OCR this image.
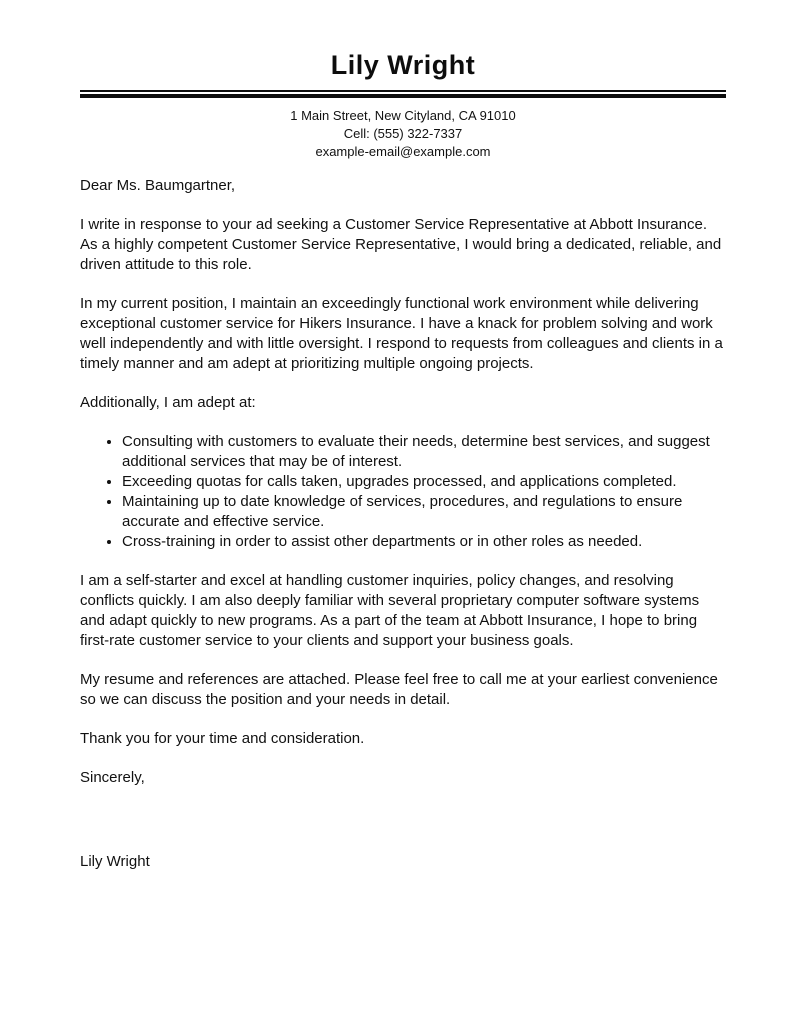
Lily Wright
1 Main Street, New Cityland, CA 91010
Cell: (555) 322-7337
example-email@example.com

Dear Ms. Baumgartner,

I write in response to your ad seeking a Customer Service Representative at Abbott Insurance. As a highly competent Customer Service Representative, I would bring a dedicated, reliable, and driven attitude to this role.

In my current position, I maintain an exceedingly functional work environment while delivering exceptional customer service for Hikers Insurance. I have a knack for problem solving and work well independently and with little oversight. I respond to requests from colleagues and clients in a timely manner and am adept at prioritizing multiple ongoing projects.

Additionally, I am adept at:

• Consulting with customers to evaluate their needs, determine best services, and suggest additional services that may be of interest.
• Exceeding quotas for calls taken, upgrades processed, and applications completed.
• Maintaining up to date knowledge of services, procedures, and regulations to ensure accurate and effective service.
• Cross-training in order to assist other departments or in other roles as needed.

I am a self-starter and excel at handling customer inquiries, policy changes, and resolving conflicts quickly. I am also deeply familiar with several proprietary computer software systems and adapt quickly to new programs. As a part of the team at Abbott Insurance, I hope to bring first-rate customer service to your clients and support your business goals.

My resume and references are attached. Please feel free to call me at your earliest convenience so we can discuss the position and your needs in detail.

Thank you for your time and consideration.

Sincerely,

Lily Wright
